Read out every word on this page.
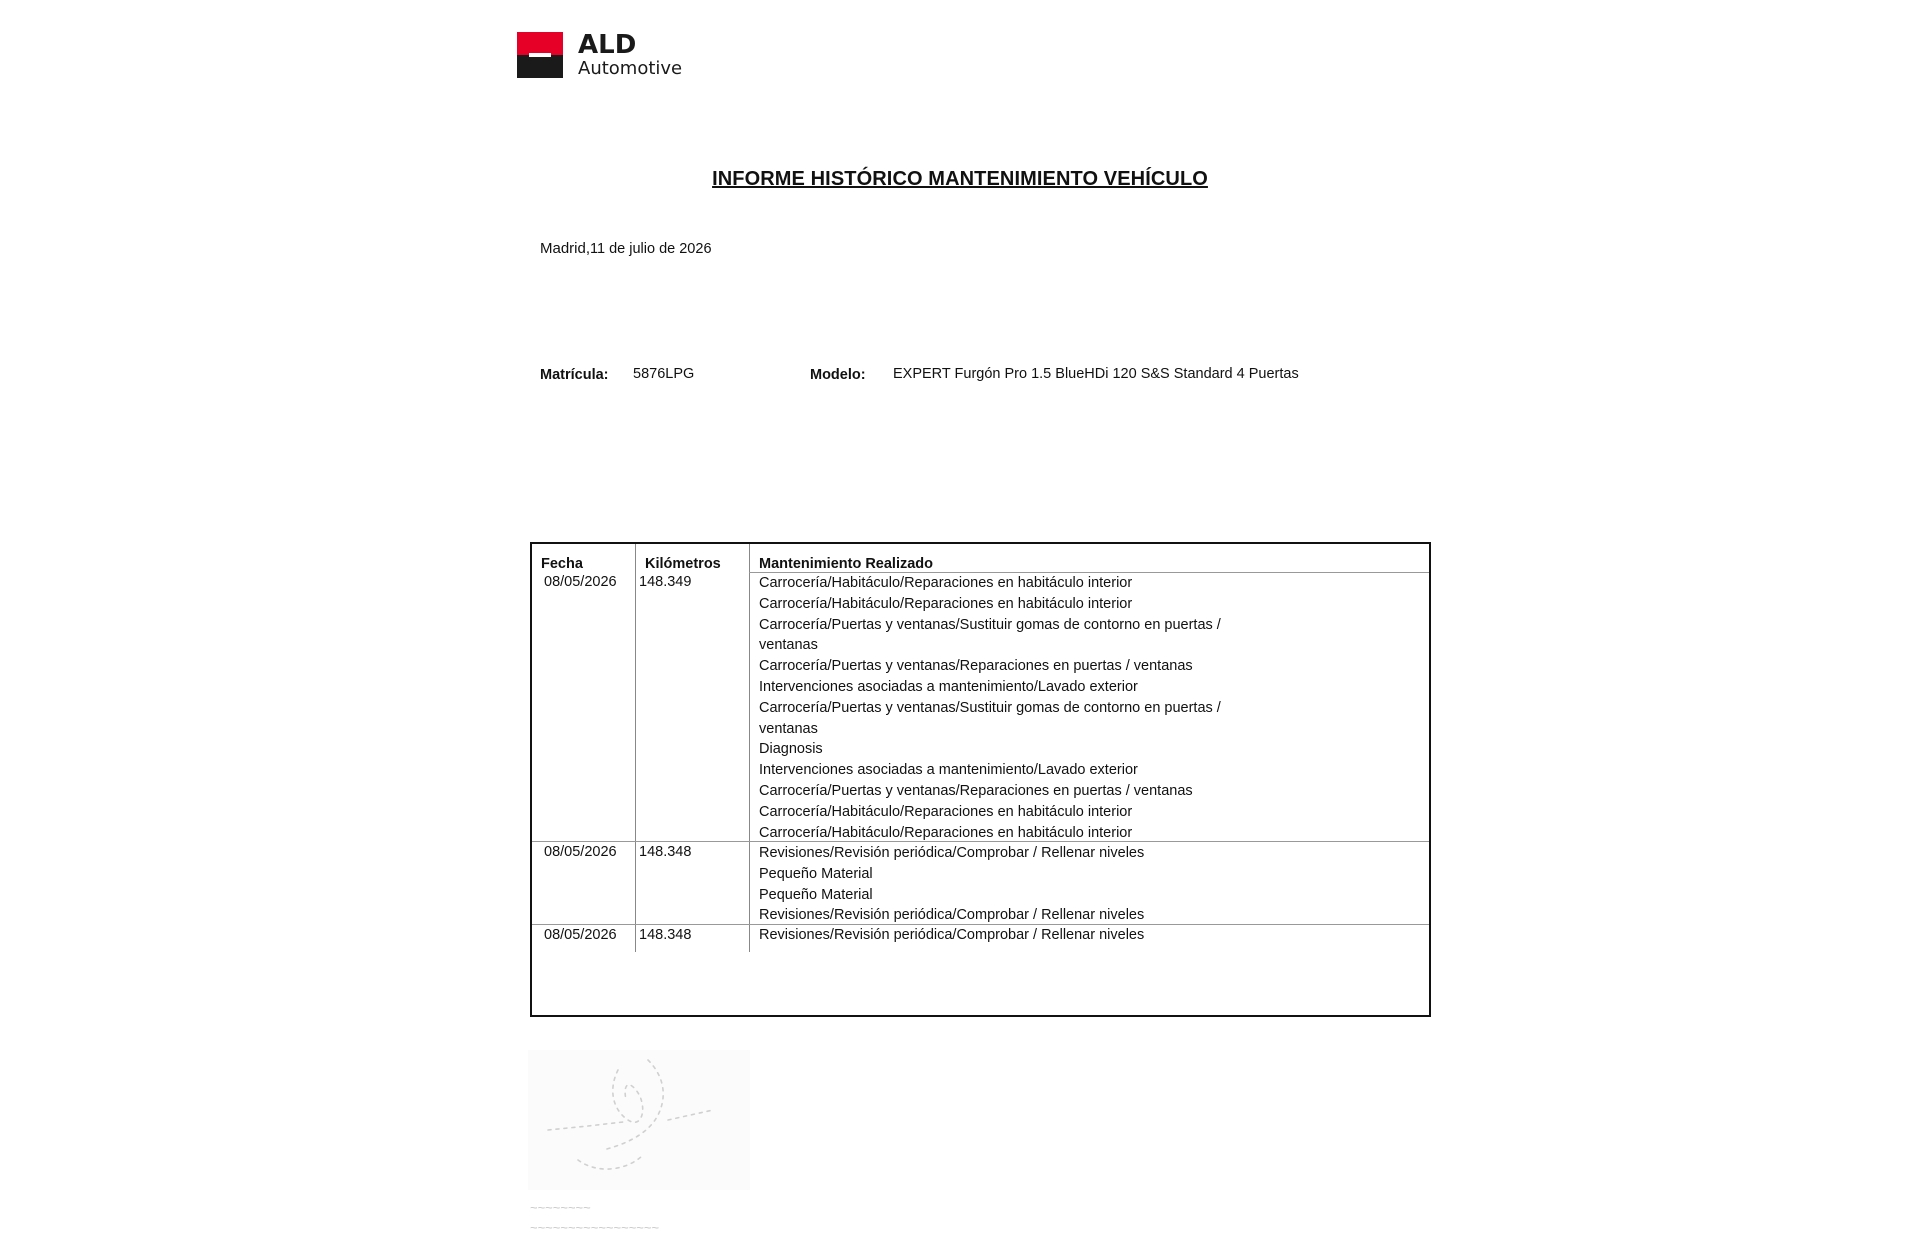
ALD
Automotive
INFORME HISTÓRICO MANTENIMIENTO VEHÍCULO
Madrid,11 de julio de 2026
Matrícula: 5876LPG	Modelo: EXPERT Furgón Pro 1.5 BlueHDi 120 S&S Standard 4 Puertas
Fecha	Kilómetros	Mantenimiento Realizado
08/05/2026 148.349	Carrocería/Habitáculo/Reparaciones en habitáculo interior
Carrocería/Habitáculo/Reparaciones en habitáculo interior
Carrocería/Puertas y ventanas/Sustituir gomas de contorno en puertas /
ventanas
Carrocería/Puertas y ventanas/Reparaciones en puertas / ventanas
Intervenciones asociadas a mantenimiento/Lavado exterior
Carrocería/Puertas y ventanas/Sustituir gomas de contorno en puertas /
ventanas
Diagnosis
Intervenciones asociadas a mantenimiento/Lavado exterior
Carrocería/Puertas y ventanas/Reparaciones en puertas / ventanas
Carrocería/Habitáculo/Reparaciones en habitáculo interior
Carrocería/Habitáculo/Reparaciones en habitáculo interior
08/05/2026 148.348	Revisiones/Revisión periódica/Comprobar / Rellenar niveles
Pequeño Material
Pequeño Material
Revisiones/Revisión periódica/Comprobar / Rellenar niveles
08/05/2026 148.348	Revisiones/Revisión periódica/Comprobar / Rellenar niveles
~~~~~~~~
~~~~~~~~~~~~~~~~~
